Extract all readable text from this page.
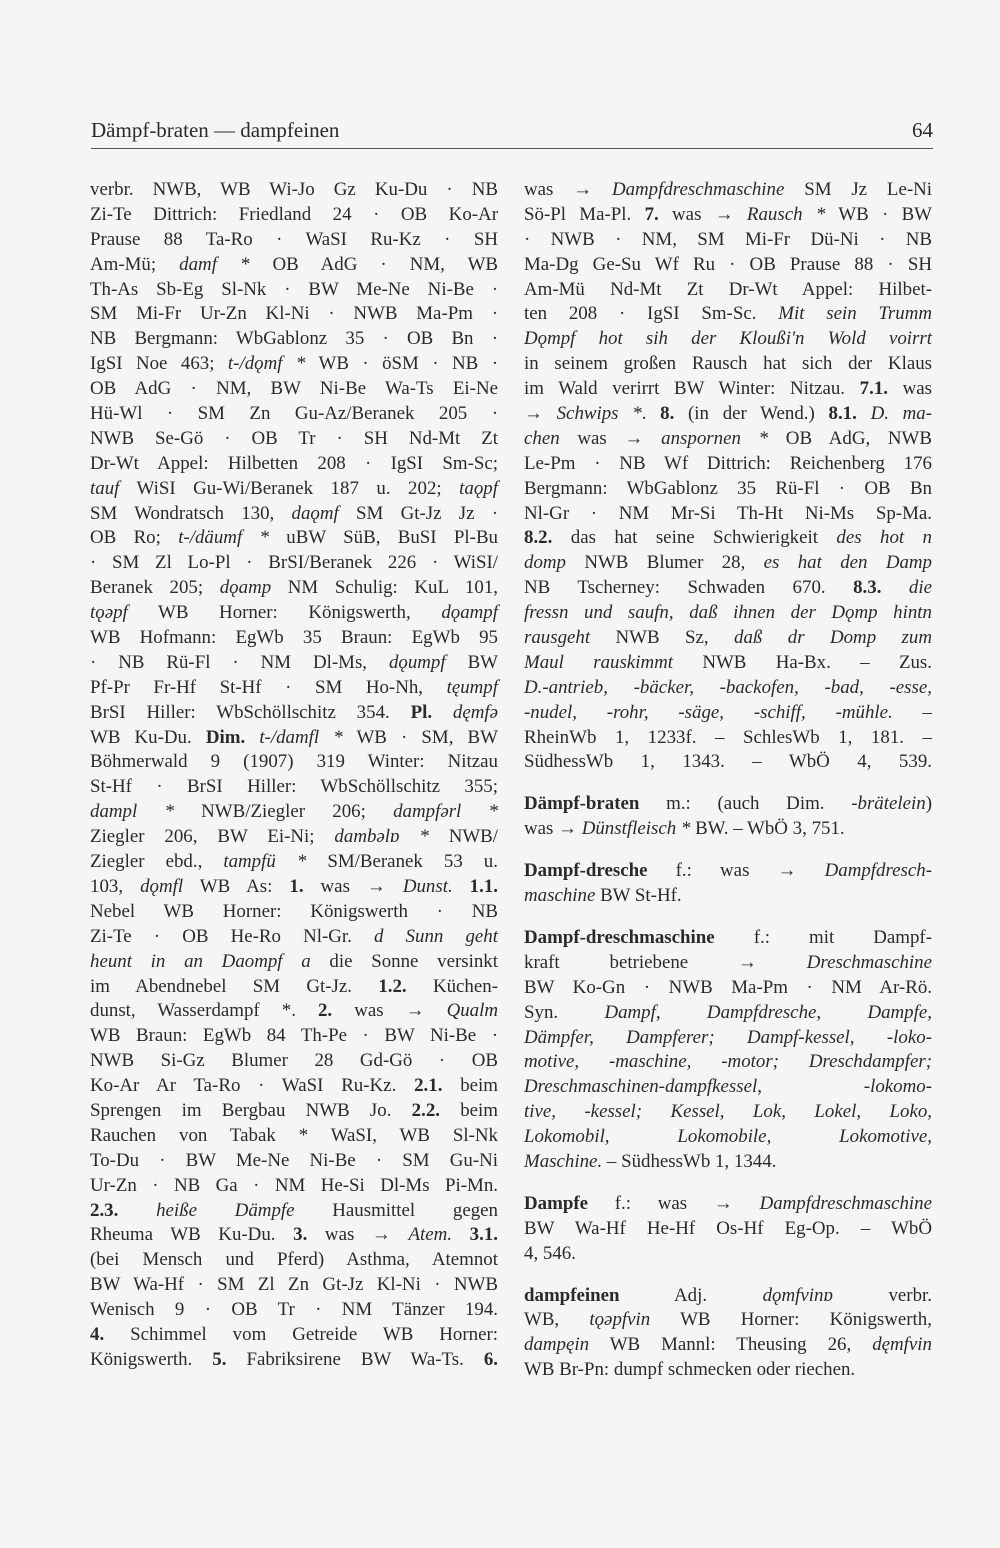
Dämpf-braten — dampfeinen	64
verbr. NWB, WB Wi-Jo Gz Ku-Du · NB
Zi-Te Dittrich: Friedland 24 · OB Ko-Ar
Prause 88 Ta-Ro · WaSI Ru-Kz · SH
Am-Mü; damf * OB AdG · NM, WB
Th-As Sb-Eg Sl-Nk · BW Me-Ne Ni-Be ·
SM Mi-Fr Ur-Zn Kl-Ni · NWB Ma-Pm ·
NB Bergmann: WbGablonz 35 · OB Bn ·
IgSI Noe 463; t-/dǫmf * WB · öSM · NB ·
OB AdG · NM, BW Ni-Be Wa-Ts Ei-Ne
Hü-Wl · SM Zn Gu-Az/Beranek 205 ·
NWB Se-Gö · OB Tr · SH Nd-Mt Zt
Dr-Wt Appel: Hilbetten 208 · IgSI Sm-Sc;
tauf WiSI Gu-Wi/Beranek 187 u. 202; taǫpf
SM Wondratsch 130, daǫmf SM Gt-Jz Jz ·
OB Ro; t-/däumf * uBW SüB, BuSI Pl-Bu
· SM Zl Lo-Pl · BrSI/Beranek 226 · WiSI/
Beranek 205; dǫamp NM Schulig: KuL 101,
tǫǝpf WB Horner: Königswerth, dǫampf
WB Hofmann: EgWb 35 Braun: EgWb 95
· NB Rü-Fl · NM Dl-Ms, dǫumpf BW
Pf-Pr Fr-Hf St-Hf · SM Ho-Nh, tęumpf
BrSI Hiller: WbSchöllschitz 354. Pl. dęmfǝ
WB Ku-Du. Dim. t-/damfl * WB · SM, BW
Böhmerwald 9 (1907) 319 Winter: Nitzau
St-Hf · BrSI Hiller: WbSchöllschitz 355;
dampl * NWB/Ziegler 206; dampfǝrl *
Ziegler 206, BW Ei-Ni; dambǝlɒ * NWB/
Ziegler ebd., tampfü * SM/Beranek 53 u.
103, dǫmfl WB As: 1. was → Dunst. 1.1.
Nebel WB Horner: Königswerth · NB
Zi-Te · OB He-Ro Nl-Gr. d Sunn geht
heunt in an Daompf a die Sonne versinkt
im Abendnebel SM Gt-Jz. 1.2. Küchen-
dunst, Wasserdampf *. 2. was → Qualm
WB Braun: EgWb 84 Th-Pe · BW Ni-Be ·
NWB Si-Gz Blumer 28 Gd-Gö · OB
Ko-Ar Ar Ta-Ro · WaSI Ru-Kz. 2.1. beim
Sprengen im Bergbau NWB Jo. 2.2. beim
Rauchen von Tabak * WaSI, WB Sl-Nk
To-Du · BW Me-Ne Ni-Be · SM Gu-Ni
Ur-Zn · NB Ga · NM He-Si Dl-Ms Pi-Mn.
2.3. heiße Dämpfe Hausmittel gegen
Rheuma WB Ku-Du. 3. was → Atem. 3.1.
(bei Mensch und Pferd) Asthma, Atemnot
BW Wa-Hf · SM Zl Zn Gt-Jz Kl-Ni · NWB
Wenisch 9 · OB Tr · NM Tänzer 194.
4. Schimmel vom Getreide WB Horner:
Königswerth. 5. Fabriksirene BW Wa-Ts. 6.
was → Dampfdreschmaschine SM Jz Le-Ni
Sö-Pl Ma-Pl. 7. was → Rausch * WB · BW
· NWB · NM, SM Mi-Fr Dü-Ni · NB
Ma-Dg Ge-Su Wf Ru · OB Prause 88 · SH
Am-Mü Nd-Mt Zt Dr-Wt Appel: Hilbet-
ten 208 · IgSI Sm-Sc. Mit sein Trumm
Dǫmpf hot sih der Kloußi'n Wold voirrt
in seinem großen Rausch hat sich der Klaus
im Wald verirrt BW Winter: Nitzau. 7.1. was
→ Schwips *. 8. (in der Wend.) 8.1. D. ma-
chen was → anspornen * OB AdG, NWB
Le-Pm · NB Wf Dittrich: Reichenberg 176
Bergmann: WbGablonz 35 Rü-Fl · OB Bn
Nl-Gr · NM Mr-Si Th-Ht Ni-Ms Sp-Ma.
8.2. das hat seine Schwierigkeit des hot n
domp NWB Blumer 28, es hat den Damp
NB Tscherney: Schwaden 670. 8.3. die
fressn und saufn, daß ihnen der Dǫmp hintn
rausgeht NWB Sz, daß dr Domp zum
Maul rauskimmt NWB Ha-Bx. – Zus.
D.-antrieb, -bäcker, -backofen, -bad, -esse,
-nudel, -rohr, -säge, -schiff, -mühle. –
RheinWb 1, 1233f. – SchlesWb 1, 181. –
SüdhessWb 1, 1343. – WbÖ 4, 539.
Dämpf-braten m.: (auch Dim. -brätelein)
was → Dünstfleisch * BW. – WbÖ 3, 751.
Dampf-dresche f.: was → Dampfdresch-
maschine BW St-Hf.
Dampf-dreschmaschine f.: mit Dampf-
kraft betriebene → Dreschmaschine
BW Ko-Gn · NWB Ma-Pm · NM Ar-Rö.
Syn. Dampf, Dampfdresche, Dampfe,
Dämpfer, Dampferer; Dampf-kessel, -loko-
motive, -maschine, -motor; Dreschdampfer;
Dreschmaschinen-dampfkessel, -lokomo-
tive, -kessel; Kessel, Lok, Lokel, Loko,
Lokomobil, Lokomobile, Lokomotive,
Maschine. – SüdhessWb 1, 1344.
Dampfe f.: was → Dampfdreschmaschine
BW Wa-Hf He-Hf Os-Hf Eg-Op. – WbÖ
4, 546.
dampfeinen Adj. dǫmfvinɒ verbr.
WB, tǫǝpfvin WB Horner: Königswerth,
dampęin WB Mannl: Theusing 26, dęmfvin
WB Br-Pn: dumpf schmecken oder riechen.
